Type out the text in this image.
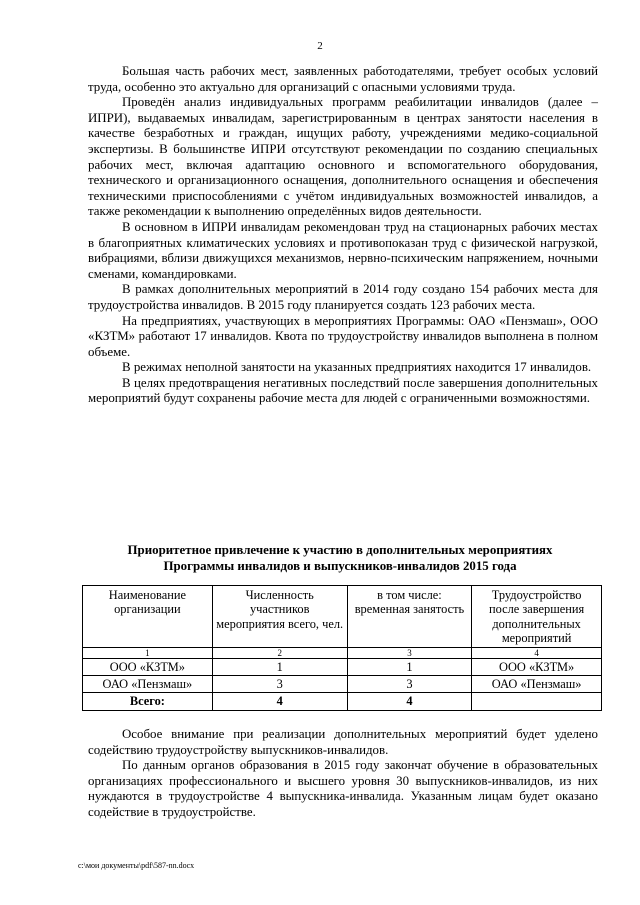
2

Большая часть рабочих мест, заявленных работодателями, требует особых условий труда, особенно это актуально для организаций с опасными условиями труда.

Проведён анализ индивидуальных программ реабилитации инвалидов (далее – ИПРИ), выдаваемых инвалидам, зарегистрированным в центрах занятости населения в качестве безработных и граждан, ищущих работу, учреждениями медико-социальной экспертизы. В большинстве ИПРИ отсутствуют рекомендации по созданию специальных рабочих мест, включая адаптацию основного и вспомогательного оборудования, технического и организационного оснащения, дополнительного оснащения и обеспечения техническими приспособлениями с учётом индивидуальных возможностей инвалидов, а также рекомендации к выполнению определённых видов деятельности.

В основном в ИПРИ инвалидам рекомендован труд на стационарных рабочих местах в благоприятных климатических условиях и противопоказан труд с физической нагрузкой, вибрациями, вблизи движущихся механизмов, нервно-психическим напряжением, ночными сменами, командировками.

В рамках дополнительных мероприятий в 2014 году создано 154 рабочих места для трудоустройства инвалидов. В 2015 году планируется создать 123 рабочих места.

На предприятиях, участвующих в мероприятиях Программы: ОАО «Пензмаш», ООО «КЗТМ» работают 17 инвалидов. Квота по трудоустройству инвалидов выполнена в полном объеме.

В режимах неполной занятости на указанных предприятиях находится 17 инвалидов.

В целях предотвращения негативных последствий после завершения дополнительных мероприятий будут сохранены рабочие места для людей с ограниченными возможностями.

Приоритетное привлечение к участию в дополнительных мероприятиях
Программы инвалидов и выпускников-инвалидов 2015 года
Наименование организации	Численность участников мероприятия всего, чел.	в том числе: временная занятость	Трудоустройство после завершения дополнительных мероприятий
1	2	3	4
ООО «КЗТМ»	1	1	ООО «КЗТМ»
ОАО «Пензмаш»	3	3	ОАО «Пензмаш»
Всего:	4	4	

Особое внимание при реализации дополнительных мероприятий будет уделено содействию трудоустройству выпускников-инвалидов.

По данным органов образования в 2015 году закончат обучение в образовательных организациях профессионального и высшего уровня 30 выпускников-инвалидов, из них нуждаются в трудоустройстве 4 выпускника-инвалида. Указанным лицам будет оказано содействие в трудоустройстве.

c:\мои документы\pdf\587-nn.docx
